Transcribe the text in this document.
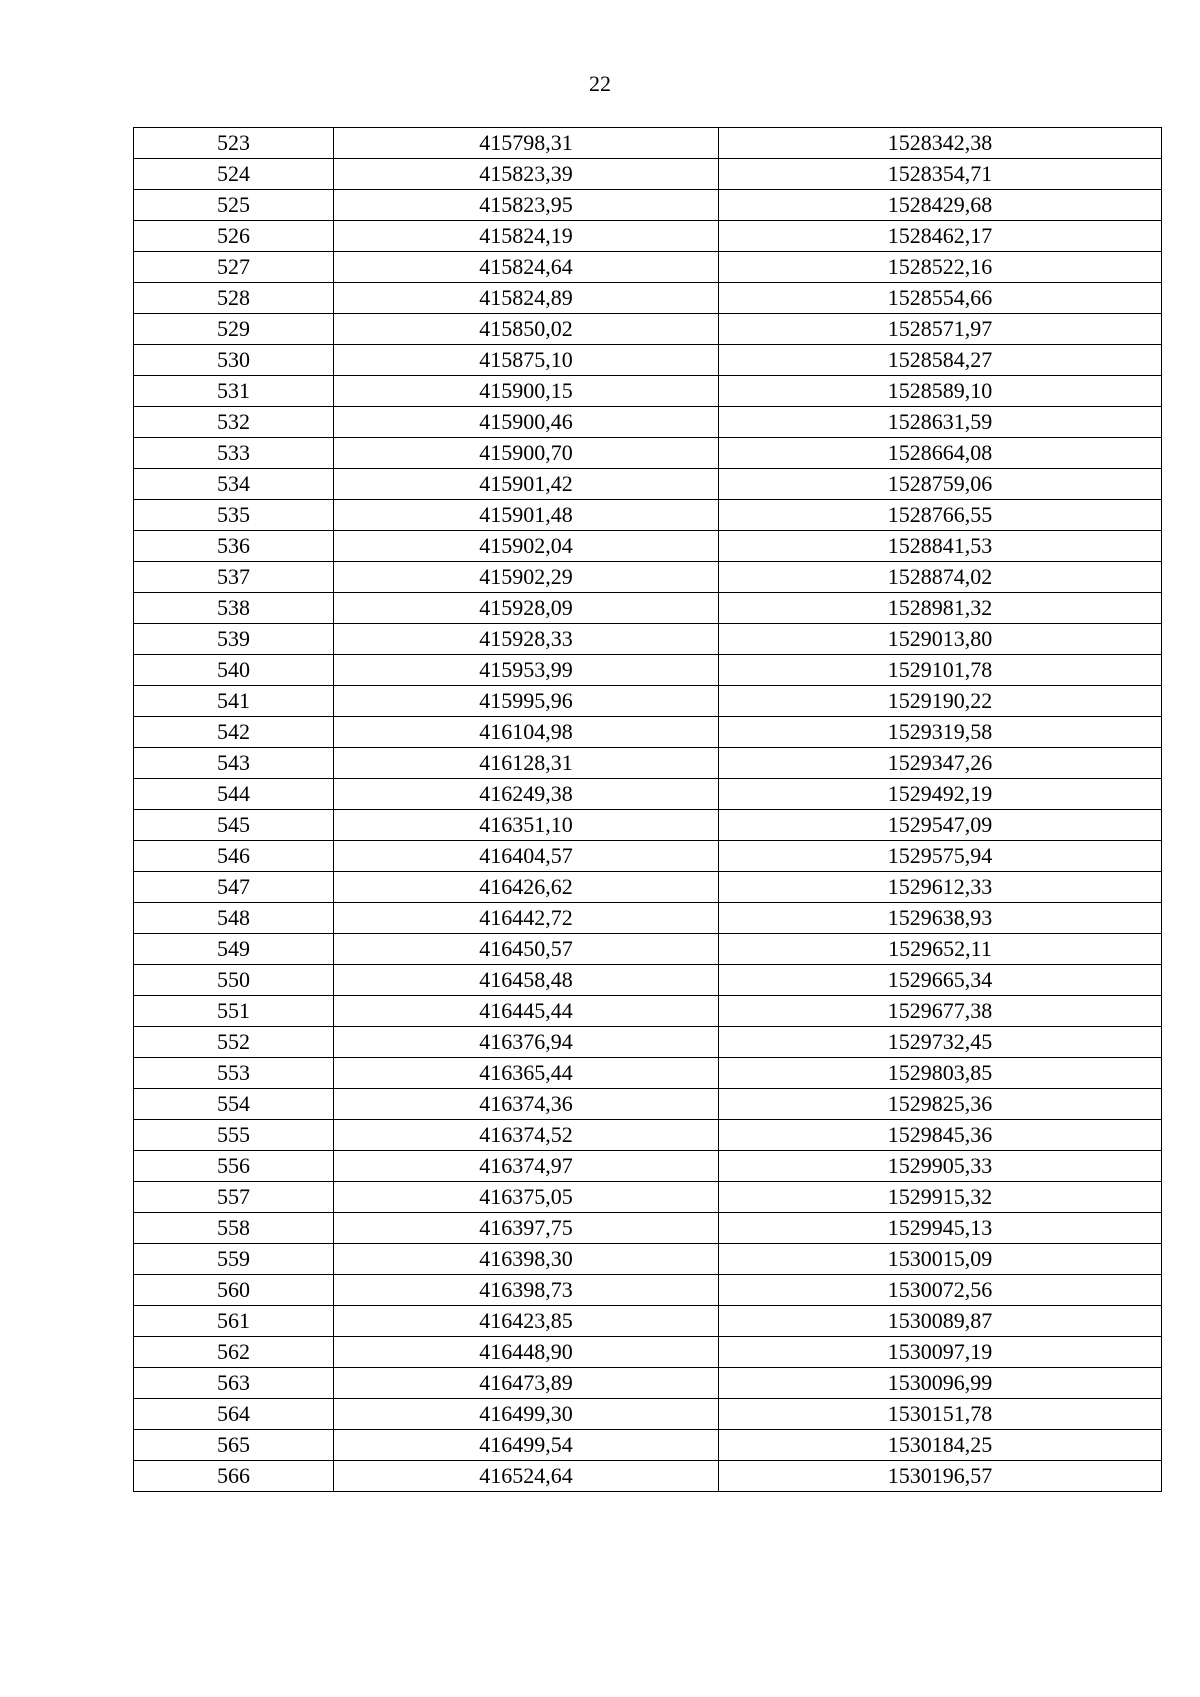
22
523	415798,31	1528342,38
524	415823,39	1528354,71
525	415823,95	1528429,68
526	415824,19	1528462,17
527	415824,64	1528522,16
528	415824,89	1528554,66
529	415850,02	1528571,97
530	415875,10	1528584,27
531	415900,15	1528589,10
532	415900,46	1528631,59
533	415900,70	1528664,08
534	415901,42	1528759,06
535	415901,48	1528766,55
536	415902,04	1528841,53
537	415902,29	1528874,02
538	415928,09	1528981,32
539	415928,33	1529013,80
540	415953,99	1529101,78
541	415995,96	1529190,22
542	416104,98	1529319,58
543	416128,31	1529347,26
544	416249,38	1529492,19
545	416351,10	1529547,09
546	416404,57	1529575,94
547	416426,62	1529612,33
548	416442,72	1529638,93
549	416450,57	1529652,11
550	416458,48	1529665,34
551	416445,44	1529677,38
552	416376,94	1529732,45
553	416365,44	1529803,85
554	416374,36	1529825,36
555	416374,52	1529845,36
556	416374,97	1529905,33
557	416375,05	1529915,32
558	416397,75	1529945,13
559	416398,30	1530015,09
560	416398,73	1530072,56
561	416423,85	1530089,87
562	416448,90	1530097,19
563	416473,89	1530096,99
564	416499,30	1530151,78
565	416499,54	1530184,25
566	416524,64	1530196,57
